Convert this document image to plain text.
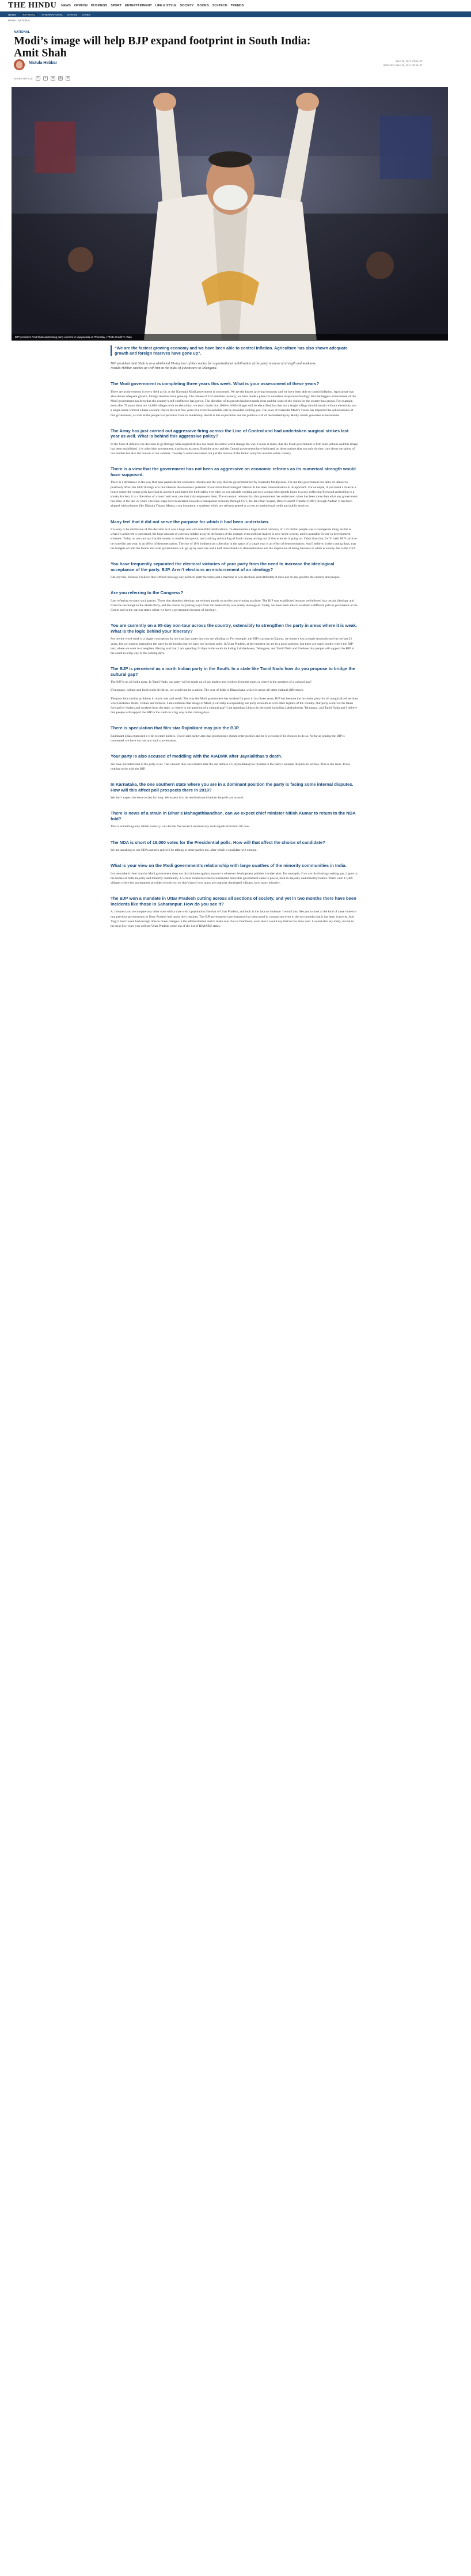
THE HINDU NEWS OPINION BUSINESS SPORT ENTERTAINMENT LIFE & STYLE SOCIETY BOOKS SCI-TECH TRENDS
NEWS	NATIONAL	INTERNATIONAL STATES CITIES
NEWS › NATIONAL
NATIONAL
Modi’s image will help BJP expand footprint in South India: Amit Shah
Nistula Hebbar	MAY 25, 2017 22:06 IST
UPDATED: MAY 26, 2017 00:35 IST
SHARE ARTICLE	f	t	✉	⎙	A
BJP president Amit Shah addressing party workers in Vijayawada on Thursday. | Photo Credit: V. Raju
“We are the fastest growing economy and we have been able to control inflation. Agriculture has also shown adequate growth and foreign reserves have gone up”.
BJP president Amit Shah is on a whirlwind 95-day tour of the country for organisational mobilisation of the party in areas of strength and weakness.
Nistula Hebbar catches up with him in the midst of a heatwave in Telangana.
The Modi government is completing three years this week. What is your assessment of these years?

There are achievements in every field as far as the Narendra Modi government is concerned. We are the fastest growing economy and we have been able to control inflation. Agriculture has also shown adequate growth, foreign reserves have gone up. The release of 104 satellites recently, we have made a place for ourselves in space technology. But the biggest achievement of the Modi government has been that the country’s self confidence has grown. The direction of its growth has been made clear and the scale of the vision for the country has grown. For example, even after 70 years there are 14,000 villages with no electricity; we don’t doubt that 1000 or 2000 villages will be electrified, but that not a single village should remain without electricity, not a single home without a bank account, that in the next five years five crore households will be provided cooking gas. The scale of Narendra Modi’s vision has impacted the achievements of this government, as well as the people’s expectation from its leadership. And it is this expectation and the political will of the leadership by Modiji which generates achievements.

The Army has just carried out aggressive firing across the Line of Control and had undertaken surgical strikes last year as well. What is behind this aggressive policy?

In the field of defence, the decision to go through with surgical strikes has made the entire world change the way it looks at India, that the Modi government is firm in its actions and this image has been established. It is a decisive government, that backs its army. Both the army and the Central government have indicated by these actions that not only do they care about the safety of our borders but also the honour of our soldiers. Tuesday’s action has raised not just the morale of the Indian army but also the entire country.

There is a view that the government has not been as aggressive on economic reforms as its numerical strength would have supposed.

There is a difference in the way that pink papers define economic reforms and the way that the government led by Narendra Modiji does. For me this government has done its utmost to positively affect the GDP through acts that liberate the economic potential of our most disadvantaged citizens. It has been transformative in its approach. For example, if you build a toilet in a house where the young girls have had to access it and feared for their safety everyday, or you provide cooking gas to a woman who spends hours in a day collecting firewood and toiling in a smoky kitchen, it is a liberation of a most basic sort, one that truly empowers them. The economic reforms that this government has undertaken taken has been more than what any government has done in the last 22 years. Decisive steps have been taken towards a transparent economy through GST, the Jan Dhan Yojana, Direct Benefit Transfer (DBT) through Aadhar. It has been aligned with schemes like Ujjwala Yojana, Mudra, crop insurance, e-markets which are reforms geared at access to institutional credit and public services.

Many feel that it did not serve the purpose for which it had been undertaken.

It is easy to be dismissive of this decision as it was a huge one with manifold ramifications. To demonetise a huge load of currency of 1.25 billion people was a courageous thing. As far as what it’s achieved is concerned, the huge amount of currency hidden away in the homes of the corrupt, even political leaders is now in the system, and is available for use in development schemes. Today no one can say that the money is outside the system, and tracking and trailing of black money arising out of this exercise is going on. Other than that, for 91 lakh PAN cards to be issued in one year, is an effect of demonetisation. The rise of 18% in direct tax collection in the space of a single year is an effect of demonetisation. And I believe, in the coming days, that the budgets of both the Union and state governments will go up by over one and a half times thanks to demonetisation and the imperative of doing business in white economy due to the GST.

You have frequently separated the electoral victories of your party from the need to increase the ideological acceptance of the party. BJP. Aren’t elections an endorsement of an ideology?

I do say this, because I believe that without ideology any political party becomes just a machine to win elections and ultimately it does not do any good to the country and people.

Are you referring to the Congress?

I am referring to many such parties. Those that abandon ideology are reduced purely to an election winning machine. The BJP was established because we believed in a certain ideology and from the Jan Sangh to the Janata Party, and the reason for parting ways from the Janata Party was purely ideological. Today, we have been able to establish a different path in governance at the Centre and in the various states where we have a government because of ideology.

You are currently on a 95-day non-tour across the country, ostensibly to strengthen the party in areas where it is weak. What is the logic behind your itinerary?

For me the word weak is a bigger conception for me than just states that you are alluding to. For example, the BJP is strong in Gujarat, we haven’t lost a single Assembly poll in the last 22 years, but we want to strengthen the party in the booths that we have lost in those polls. In Uttar Pradesh, at the moment we are in a good position, but there are many booths where the BJP lost, where we want to strengthen. Having said that, I am spending 24 days in the south including Lakshadweep, Telangana, and Tamil Nadu and I believe that people will support the BJP in the south in a big way in the coming days.

The BJP is perceived as a north Indian party in the South. In a state like Tamil Nadu how do you propose to bridge the cultural gap?

The BJP is an all-India party. In Tamil Nadu, our party will be made up of our leaders and workers from the state, or where is the question of a cultural gap?

If language, culture and food could divide us, we would not be a nation. The core of India is Bharatiyata, which is above all other cultural differences.

The poor face similar problems in north, east and south. The way the Modi government has worked for poor in last three years, BJP has become the favourite party for all marginalized sections which includes Dalits, Tribals and farmers. I am confident that image of Modi ji will help us expanding our party in South as well other regions of the country. Our party work will be taken forward by leaders and workers from the state, so where is the question of a cultural gap? I am spending 24 days in the south including Lakshadweep, Telangana, and Tamil Nadu and I believe that people will support the BJP in the south in a big way in the coming days.

There is speculation that film star Rajinikant may join the BJP.

Rajinikant ji has expressed a wish to enter politics. I have said earlier also that good people should enter politics and he is welcome if he chooses to do so. As far as joining the BJP is concerned, we have not had any such conversation.

Your party is also accused of meddling with the AIADMK after Jayalalithaa’s death.

We have not interfered in the party at all. The vacuum that was created after the sad demise of [Jayalalithaa] has resulted in the party’s internal disputes to surface. That is the issue. It has nothing to do with the BJP.

In Karnataka, the one southern state where you are in a dominant position the party is facing some internal disputes. How will this affect poll prospects there in 2018?

We don’t expect the issue to last for long. We expect it to be resolved much before the polls are around.

There is news of a strain in Bihar’s Mahagathbandhan, can we expect chief minister Nitish Kumar to return to the NDA fold?

That is something only Nitish Kumar ji can decide. We haven’t received any such signals from him till now.

The NDA is short of 18,000 votes for the Presidential polls. How will that affect the choice of candidate?

We are speaking to our NDA partners and will be talking to other parties too, after which a candidate will emerge.

What is your view on the Modi government’s relationship with large swathes of the minority communities in India.

Let me make it clear that the Modi government does not discriminate against anyone in whatever development policies it undertakes. For example, if we are distributing cooking gas, it goes to the homes of both majority and minority community, 4.5 crore toilets have been constructed since this government came to power, both in majority and minority homes. There were 17,000 villages where the government provided electricity, we don’t know how many are majority dominated villages, how many minority.

The BJP won a mandate in Uttar Pradesh cutting across all sections of society, and yet in two months there have been incidents like those in Saharanpur. How do you see it?

A. I request you to compare any other state with a state with a population like that of Uttar Pradesh, and look at the data on violence. I would also like you to look at the kind of caste violence that previous governments in Uttar Pradesh had under their regimes. The BJP government’s performance has been good in comparison even in the two months that it has been in power. And Yogi’s hasn’t even had enough time to make changes in the administration and to make sure that its functional, even then I would say that he has done well. I would also say today, in that in the next five years you will see Uttar Pradesh come out of the list of BIMARU states.
